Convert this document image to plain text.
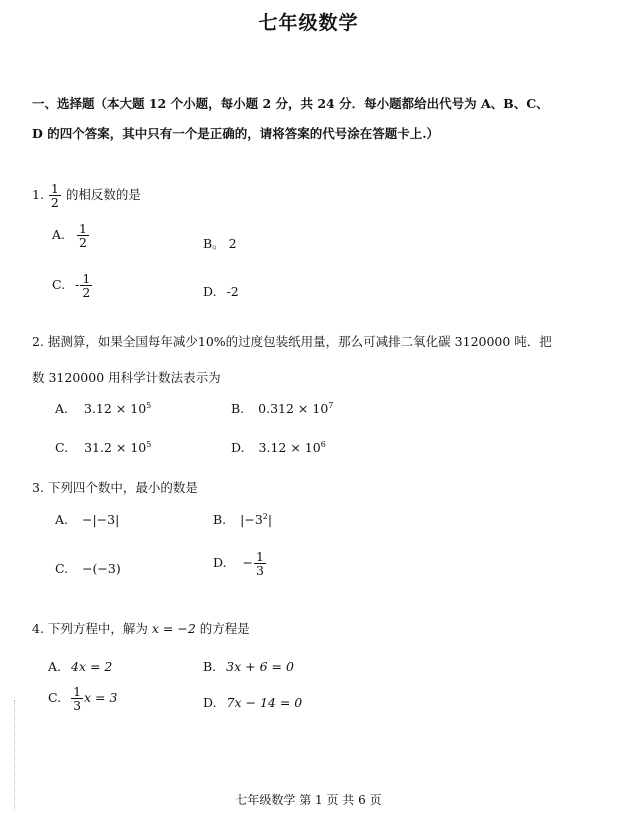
七年级数学
一、选择题（本大题 12 个小题，每小题 2 分，共 24 分．每小题都给出代号为 A、B、C、
D 的四个答案，其中只有一个是正确的，请将答案的代号涂在答题卡上.）
1. $\frac{1}{2}$ 的相反数的是
A. $\frac{1}{2}$	B。 2
C. - $\frac{1}{2}$	D. -2
2. 据测算，如果全国每年减少10%的过度包装纸用量，那么可减排二氧化碳 3120000 吨．把
数 3120000 用科学计数法表示为
A. $3.12 \times 10^5$	B. $0.312 \times 10^7$
C. $31.2 \times 10^5$	D. $3.12 \times 10^6$
3. 下列四个数中，最小的数是
A. −|−3|	B. $|-3^2|$
C. −(−3)	D. − $\frac{1}{3}$
4. 下列方程中，解为 x = −2 的方程是
A. 4x = 2	B. 3x + 6 = 0
C. $\frac{1}{3}$ x = 3	D. 7x − 14 = 0
七年级数学 第 1 页 共 6 页
